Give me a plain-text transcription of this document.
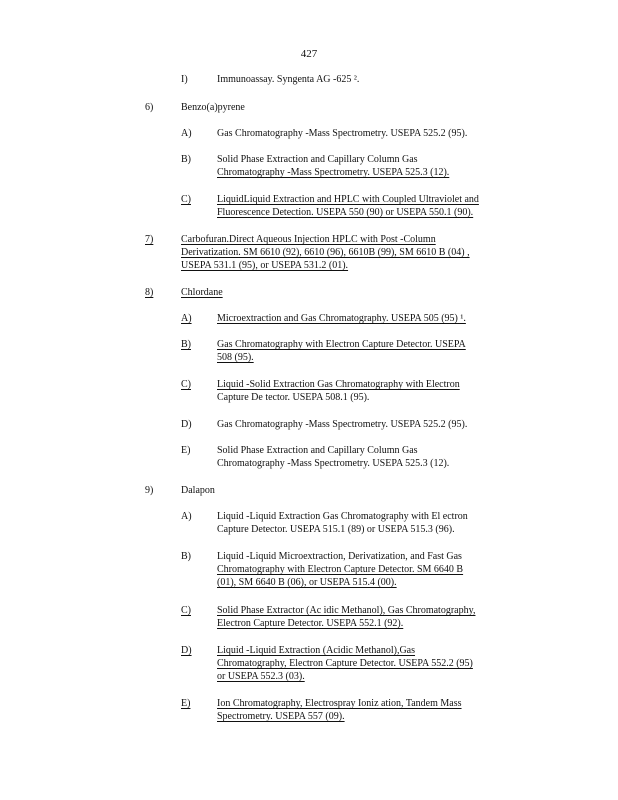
427
I)	Immunoassay. Syngenta AG -625 ².
6)	Benzo(a)pyrene
A)	Gas Chromatography -Mass Spectrometry. USEPA 525.2 (95).
B)	Solid Phase Extraction and Capillary Column Gas
Chromatography -Mass Spectrometry. USEPA 525.3 (12).
C)	LiquidLiquid Extraction and HPLC with Coupled Ultraviolet and
Fluorescence Detection. USEPA 550 (90) or USEPA 550.1 (90).
7)	Carbofuran.Direct Aqueous Injection HPLC with Post -Column
Derivatization. SM 6610 (92), 6610 (96), 6610B (99), SM 6610 B (04) ,
USEPA 531.1 (95), or USEPA 531.2 (01).
8)	Chlordane
A)	Microextraction and Gas Chromatography. USEPA 505 (95) ¹.
B)	Gas Chromatography with Electron Capture Detector. USEPA
508 (95).
C)	Liquid -Solid Extraction Gas Chromatography with Electron
Capture De tector. USEPA 508.1 (95).
D)	Gas Chromatography -Mass Spectrometry. USEPA 525.2 (95).
E)	Solid Phase Extraction and Capillary Column Gas
Chromatography -Mass Spectrometry. USEPA 525.3 (12).
9)	Dalapon
A)	Liquid -Liquid Extraction Gas Chromatography with El ectron
Capture Detector. USEPA 515.1 (89) or USEPA 515.3 (96).
B)	Liquid -Liquid Microextraction, Derivatization, and Fast Gas
Chromatography with Electron Capture Detector. SM 6640 B
(01), SM 6640 B (06), or USEPA 515.4 (00).
C)	Solid Phase Extractor (Ac idic Methanol), Gas Chromatography,
Electron Capture Detector. USEPA 552.1 (92).
D)	Liquid -Liquid Extraction (Acidic Methanol),Gas
Chromatography, Electron Capture Detector. USEPA 552.2 (95)
or USEPA 552.3 (03).
E)	Ion Chromatography, Electrospray Ioniz ation, Tandem Mass
Spectrometry. USEPA 557 (09).
